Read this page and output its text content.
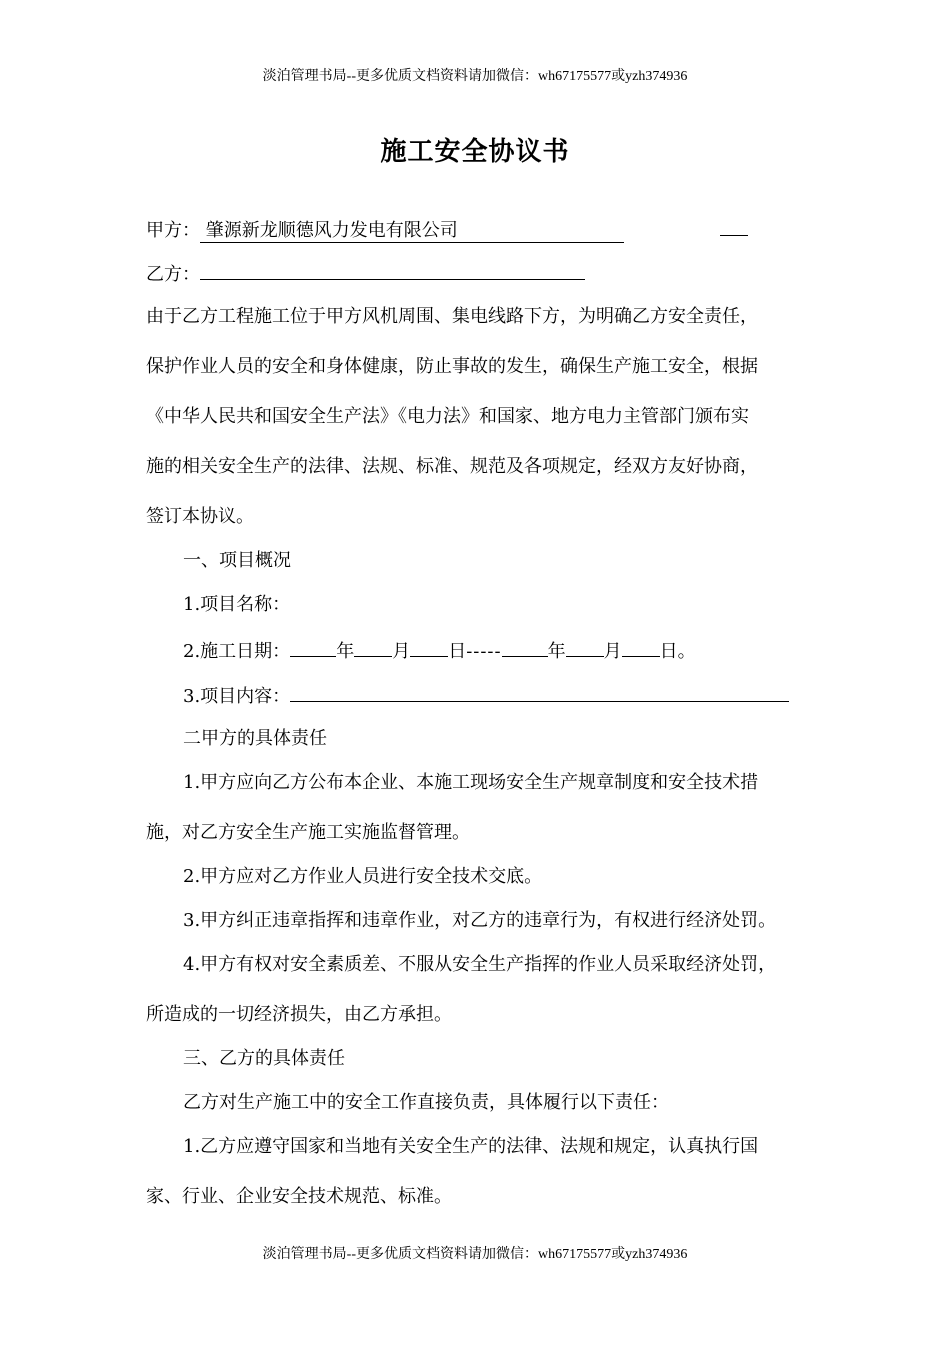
淡泊管理书局--更多优质文档资料请加微信：wh67175577或yzh374936
施工安全协议书
甲方： 肇源新龙顺德风力发电有限公司
乙方：
由于乙方工程施工位于甲方风机周围、集电线路下方，为明确乙方安全责任，
保护作业人员的安全和身体健康，防止事故的发生，确保生产施工安全，根据
《中华人民共和国安全生产法》《电力法》和国家、地方电力主管部门颁布实
施的相关安全生产的法律、法规、标准、规范及各项规定，经双方友好协商，
签订本协议。
一、项目概况
1.项目名称：
2.施工日期：	年 月 日-----	年 月 日。
3.项目内容：
二甲方的具体责任
1.甲方应向乙方公布本企业、本施工现场安全生产规章制度和安全技术措
施，对乙方安全生产施工实施监督管理。
2.甲方应对乙方作业人员进行安全技术交底。
3.甲方纠正违章指挥和违章作业，对乙方的违章行为，有权进行经济处罚。
4.甲方有权对安全素质差、不服从安全生产指挥的作业人员采取经济处罚，
所造成的一切经济损失，由乙方承担。
三、乙方的具体责任
乙方对生产施工中的安全工作直接负责，具体履行以下责任：
1.乙方应遵守国家和当地有关安全生产的法律、法规和规定，认真执行国
家、行业、企业安全技术规范、标准。
淡泊管理书局--更多优质文档资料请加微信：wh67175577或yzh374936
